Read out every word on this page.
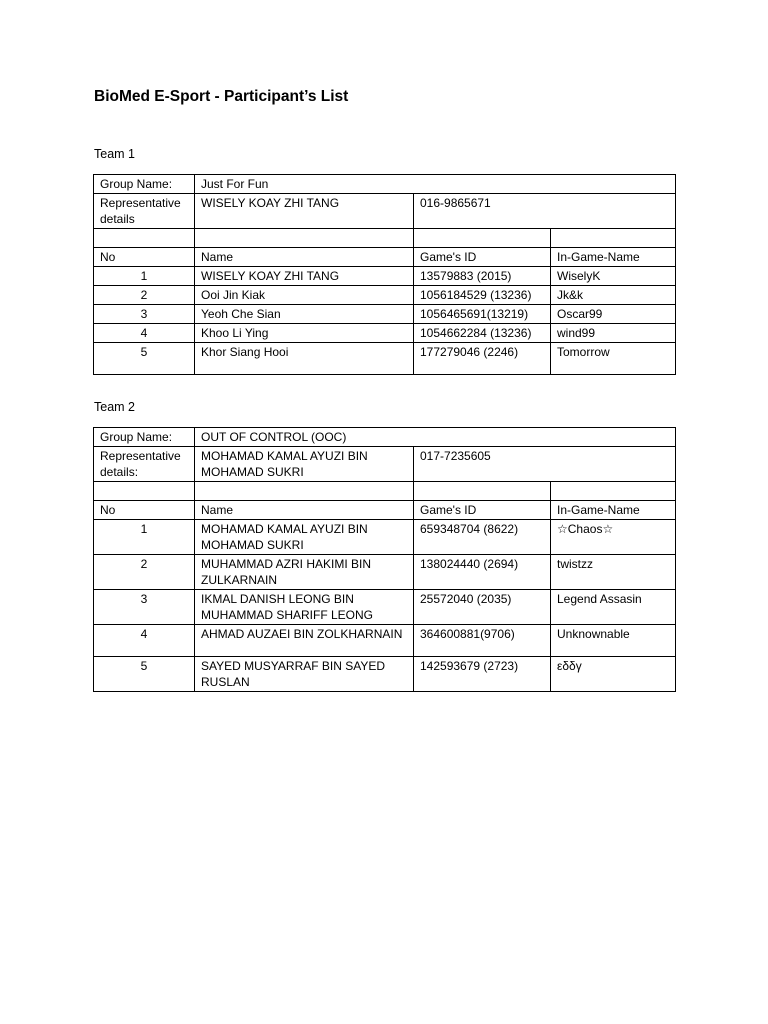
BioMed E-Sport - Participant’s List
Team 1
Group Name:	Just For Fun		
Representative details	WISELY KOAY ZHI TANG	016-9865671	

No	Name	Game's ID	In-Game-Name
1	WISELY KOAY ZHI TANG	13579883 (2015)	WiselyK
2	Ooi Jin Kiak	1056184529 (13236)	Jk&k
3	Yeoh Che Sian	1056465691(13219)	Oscar99
4	Khoo Li Ying	1054662284 (13236)	wind99
5	Khor Siang Hooi	177279046 (2246)	Tomorrow
Team 2
Group Name:	OUT OF CONTROL (OOC)		
Representative details:	MOHAMAD KAMAL AYUZI BIN MOHAMAD SUKRI	017-7235605	

No	Name	Game's ID	In-Game-Name
1	MOHAMAD KAMAL AYUZI BIN MOHAMAD SUKRI	659348704 (8622)	☆Chaos☆
2	MUHAMMAD AZRI HAKIMI BIN ZULKARNAIN	138024440 (2694)	twistzz
3	IKMAL DANISH LEONG BIN MUHAMMAD SHARIFF LEONG	25572040 (2035)	Legend Assasin
4	AHMAD AUZAEI BIN ZOLKHARNAIN	364600881(9706)	Unknownable
5	SAYED MUSYARRAF BIN SAYED RUSLAN	142593679 (2723)	εδδγ
